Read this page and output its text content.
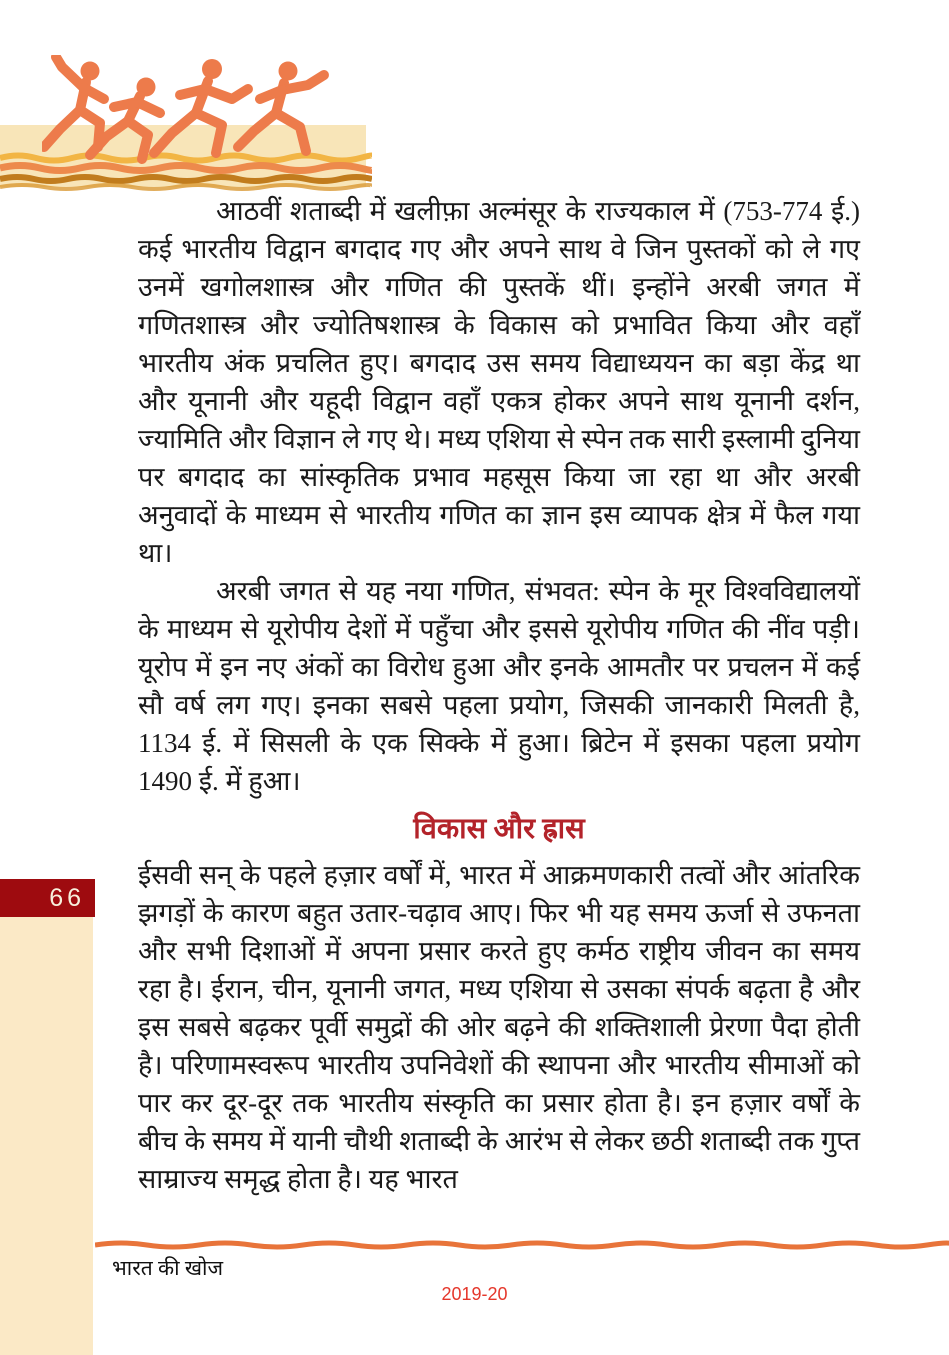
आठवीं शताब्दी में खलीफ़ा अल्मंसूर के राज्यकाल में (753-774 ई.) कई भारतीय विद्वान बगदाद गए और अपने साथ वे जिन पुस्तकों को ले गए उनमें खगोलशास्त्र और गणित की पुस्तकें थीं। इन्होंने अरबी जगत में गणितशास्त्र और ज्योतिषशास्त्र के विकास को प्रभावित किया और वहाँ भारतीय अंक प्रचलित हुए। बगदाद उस समय विद्याध्ययन का बड़ा केंद्र था और यूनानी और यहूदी विद्वान वहाँ एकत्र होकर अपने साथ यूनानी दर्शन, ज्यामिति और विज्ञान ले गए थे। मध्य एशिया से स्पेन तक सारी इस्लामी दुनिया पर बगदाद का सांस्कृतिक प्रभाव महसूस किया जा रहा था और अरबी अनुवादों के माध्यम से भारतीय गणित का ज्ञान इस व्यापक क्षेत्र में फैल गया था।

अरबी जगत से यह नया गणित, संभवत: स्पेन के मूर विश्वविद्यालयों के माध्यम से यूरोपीय देशों में पहुँचा और इससे यूरोपीय गणित की नींव पड़ी। यूरोप में इन नए अंकों का विरोध हुआ और इनके आमतौर पर प्रचलन में कई सौ वर्ष लग गए। इनका सबसे पहला प्रयोग, जिसकी जानकारी मिलती है, 1134 ई. में सिसली के एक सिक्के में हुआ। ब्रिटेन में इसका पहला प्रयोग 1490 ई. में हुआ।

विकास और ह्रास

ईसवी सन् के पहले हज़ार वर्षों में, भारत में आक्रमणकारी तत्वों और आंतरिक झगड़ों के कारण बहुत उतार-चढ़ाव आए। फिर भी यह समय ऊर्जा से उफनता और सभी दिशाओं में अपना प्रसार करते हुए कर्मठ राष्ट्रीय जीवन का समय रहा है। ईरान, चीन, यूनानी जगत, मध्य एशिया से उसका संपर्क बढ़ता है और इस सबसे बढ़कर पूर्वी समुद्रों की ओर बढ़ने की शक्तिशाली प्रेरणा पैदा होती है। परिणामस्वरूप भारतीय उपनिवेशों की स्थापना और भारतीय सीमाओं को पार कर दूर-दूर तक भारतीय संस्कृति का प्रसार होता है। इन हज़ार वर्षों के बीच के समय में यानी चौथी शताब्दी के आरंभ से लेकर छठी शताब्दी तक गुप्त साम्राज्य समृद्ध होता है। यह भारत

66
भारत की खोज
2019-20
